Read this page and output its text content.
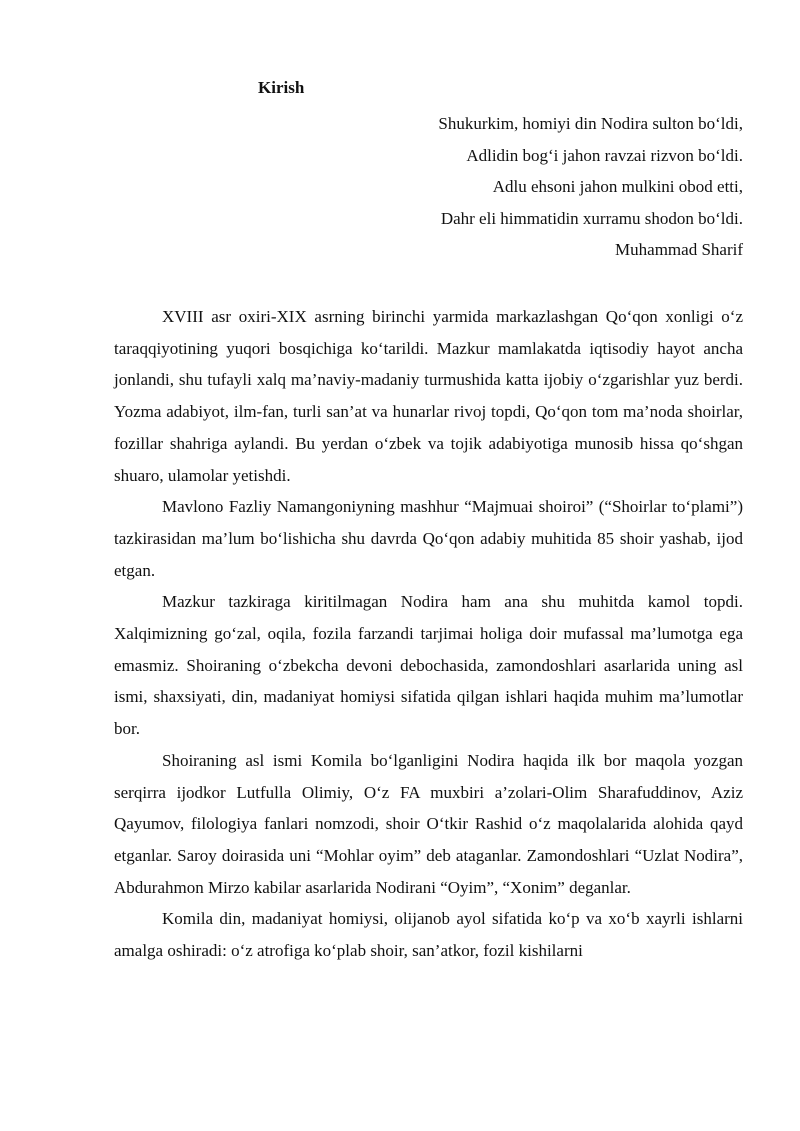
Kirish
Shukurkim, homiyi din Nodira sulton bo‘ldi,
Adlidin bog‘i jahon ravzai rizvon bo‘ldi.
Adlu ehsoni jahon mulkini obod etti,
Dahr eli himmatidin xurramu shodon bo‘ldi.
Muhammad Sharif

XVIII asr oxiri-XIX asrning birinchi yarmida markazlashgan Qo‘qon xonligi o‘z taraqqiyotining yuqori bosqichiga ko‘tarildi. Mazkur mamlakatda iqtisodiy hayot ancha jonlandi, shu tufayli xalq ma’naviy-madaniy turmushida katta ijobiy o‘zgarishlar yuz berdi. Yozma adabiyot, ilm-fan, turli san’at va hunarlar rivoj topdi, Qo‘qon tom ma’noda shoirlar, fozillar shahriga aylandi. Bu yerdan o‘zbek va tojik adabiyotiga munosib hissa qo‘shgan shuaro, ulamolar yetishdi.

Mavlono Fazliy Namangoniyning mashhur “Majmuai shoiroi” (“Shoirlar to‘plami”) tazkirasidan ma’lum bo‘lishicha shu davrda Qo‘qon adabiy muhitida 85 shoir yashab, ijod etgan.

Mazkur tazkiraga kiritilmagan Nodira ham ana shu muhitda kamol topdi. Xalqimizning go‘zal, oqila, fozila farzandi tarjimai holiga doir mufassal ma’lumotga ega emasmiz. Shoiraning o‘zbekcha devoni debochasida, zamondoshlari asarlarida uning asl ismi, shaxsiyati, din, madaniyat homiysi sifatida qilgan ishlari haqida muhim ma’lumotlar bor.

Shoiraning asl ismi Komila bo‘lganligini Nodira haqida ilk bor maqola yozgan serqirra ijodkor Lutfulla Olimiy, O‘z FA muxbiri a’zolari-Olim Sharafuddinov, Aziz Qayumov, filologiya fanlari nomzodi, shoir O‘tkir Rashid o‘z maqolalarida alohida qayd etganlar. Saroy doirasida uni “Mohlar oyim” deb ataganlar. Zamondoshlari “Uzlat Nodira”, Abdurahmon Mirzo kabilar asarlarida Nodirani “Oyim”, “Xonim” deganlar.

Komila din, madaniyat homiysi, olijanob ayol sifatida ko‘p va xo‘b xayrli ishlarni amalga oshiradi: o‘z atrofiga ko‘plab shoir, san’atkor, fozil kishilarni
